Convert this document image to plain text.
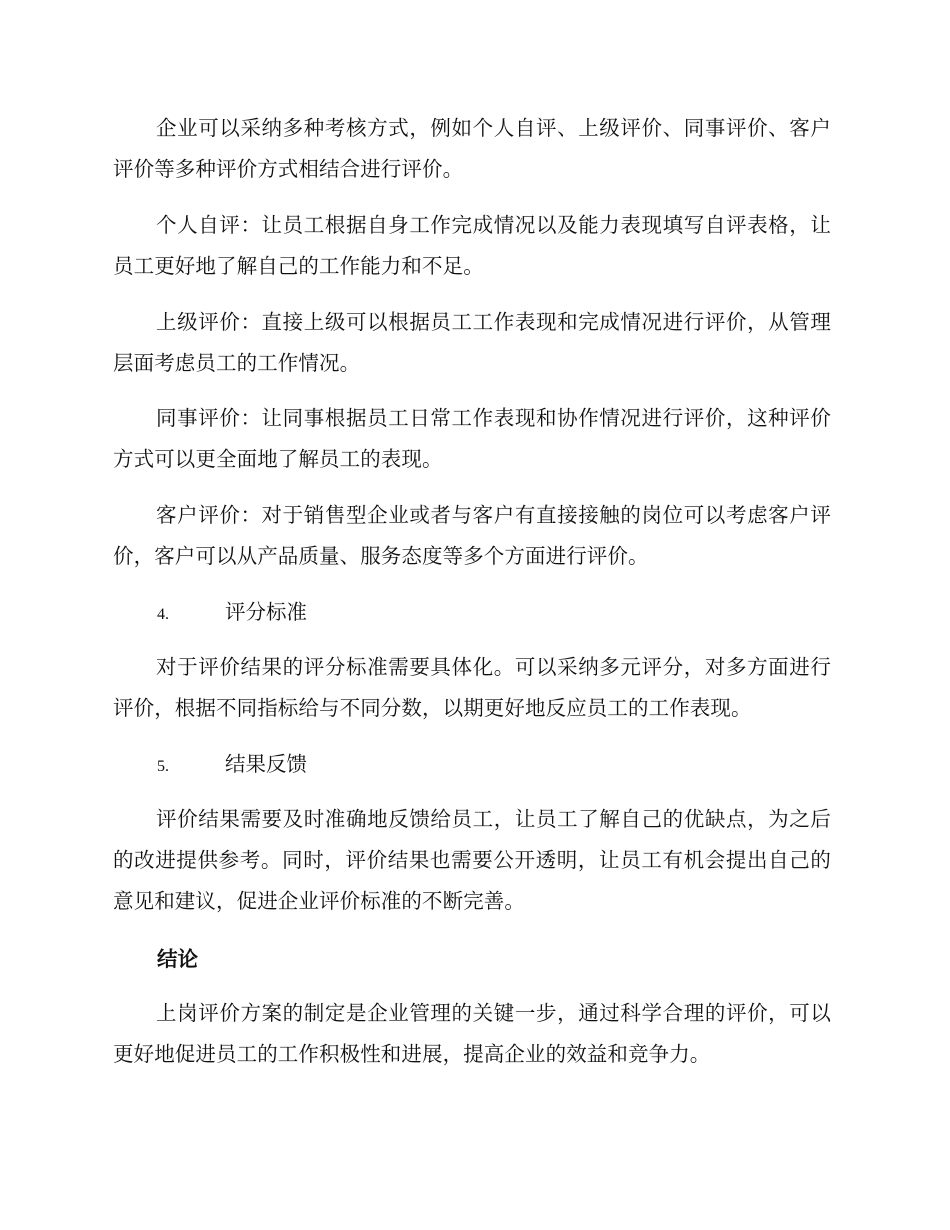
企业可以采纳多种考核方式，例如个人自评、上级评价、同事评价、客户评价等多种评价方式相结合进行评价。

个人自评：让员工根据自身工作完成情况以及能力表现填写自评表格，让员工更好地了解自己的工作能力和不足。

上级评价：直接上级可以根据员工工作表现和完成情况进行评价，从管理层面考虑员工的工作情况。

同事评价：让同事根据员工日常工作表现和协作情况进行评价，这种评价方式可以更全面地了解员工的表现。

客户评价：对于销售型企业或者与客户有直接接触的岗位可以考虑客户评价，客户可以从产品质量、服务态度等多个方面进行评价。

4.	评分标准

对于评价结果的评分标准需要具体化。可以采纳多元评分，对多方面进行评价，根据不同指标给与不同分数，以期更好地反应员工的工作表现。

5.	结果反馈

评价结果需要及时准确地反馈给员工，让员工了解自己的优缺点，为之后的改进提供参考。同时，评价结果也需要公开透明，让员工有机会提出自己的意见和建议，促进企业评价标准的不断完善。

结论

上岗评价方案的制定是企业管理的关键一步，通过科学合理的评价，可以更好地促进员工的工作积极性和进展，提高企业的效益和竞争力。
